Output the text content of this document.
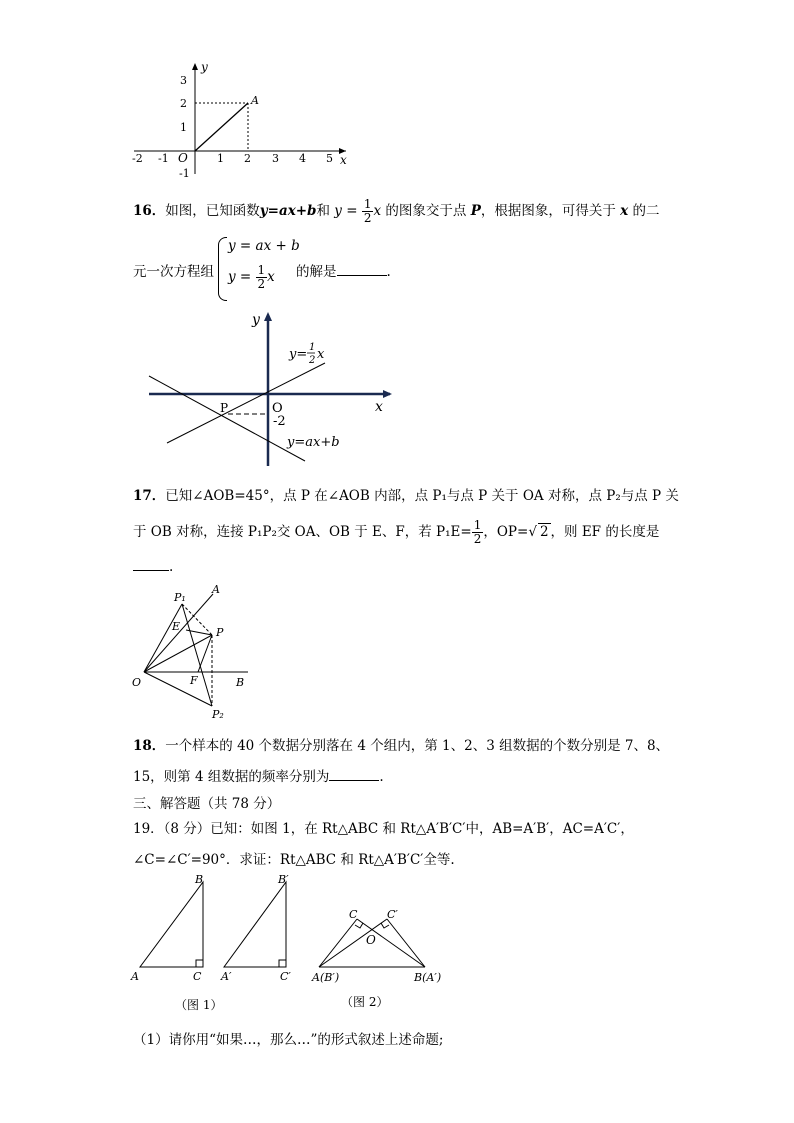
y
x
O
A
3
2
1
-1
-2 -1	1 2 3 4 5
16．如图，已知函数y=ax+b和 $y = \frac{1}{2}$ x 的图象交于点 P，根据图象，可得关于 x 的二
元一次方程组
y = ax + b
$y = \frac{1}{2}$ x 的解是	.
y
x
O
P
-2
y= 1
2 x
y=ax+b
17．已知∠AOB=45°，点 P 在∠AOB 内部，点 P₁与点 P 关于 OA 对称，点 P₂与点 P 关
于 OB 对称，连接 P₁P₂交 OA、OB 于 E、F，若 $P_1E= \frac{1}{2}$ ，OP=√ 2 ，则 EF 的长度是
.
P₁
A
E	P
O	F	B
P₂
18．一个样本的 40 个数据分别落在 4 个组内，第 1、2、3 组数据的个数分别是 7、8、
15，则第 4 组数据的频率分别为	.
三、解答题（共 78 分）
19．（8 分）已知：如图 1，在 Rt△ABC 和 Rt△A′B′C′中，AB=A′B′，AC=A′C′，
∠C=∠C′=90°．求证：Rt△ABC 和 Rt△A′B′C′全等.
B
A	C
B′
A′	C′
C	C′
O
A(B′)	B(A′)
（图 1）	（图 2）
（1）请你用“如果…，那么…”的形式叙述上述命题;
